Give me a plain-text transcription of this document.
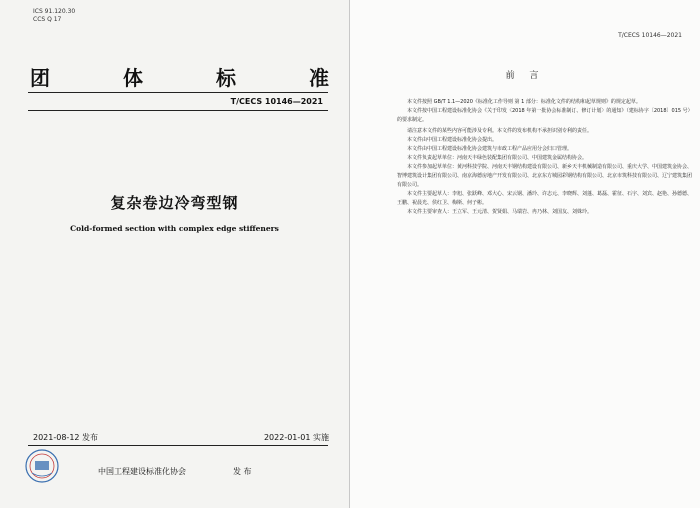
ICS 91.120.30
CCS Q 17
团	体	标	准
T/CECS 10146—2021
复杂卷边冷弯型钢
Cold-formed section with complex edge stiffeners
2021-08-12 发布	2022-01-01 实施
中国工程建设标准化协会	发 布
T/CECS 10146—2021
前 言

本文件按照 GB/T 1.1—2020《标准化工作导则 第 1 部分：标准化文件的结构和起草规则》的规定起草。

本文件按中国工程建设标准化协会《关于印发〈2018 年第一批协会标准制订、修订计划〉的通知》（建标协字〔2018〕015 号）的要求制定。

请注意本文件的某些内容可能涉及专利。本文件的发布机构不承担识别专利的责任。

本文件由中国工程建设标准化协会提出。

本文件由中国工程建设标准化协会建筑与市政工程产品应用分会归口管理。

本文件负责起草单位：河南天丰绿色装配集团有限公司、中国建筑金属结构协会。

本文件参加起草单位：黄河科技学院、河南天丰钢结构建设有限公司、新乡天丰机械制造有限公司、重庆大学、中国建筑金协会、智博建筑设计集团有限公司、南京海德房地产开发有限公司、北京东方城园彩钢结构有限公司、北京市筑科技有限公司、辽宁建筑集团有限公司。

本文件主要起草人：李旭、张跃峰、邓大心、宋云钢、潘玲、许志元、李晓辉、刘蓬、葛磊、霍征、石宇、刘宾、赵艳、孙德德、王鹏、祝晨光、侯红卫、梅斯、何子彬。

本文件主要审查人：王立军、王元清、贺贤娟、马瑞岩、冉乃林、刘国友、刘姝玲。
